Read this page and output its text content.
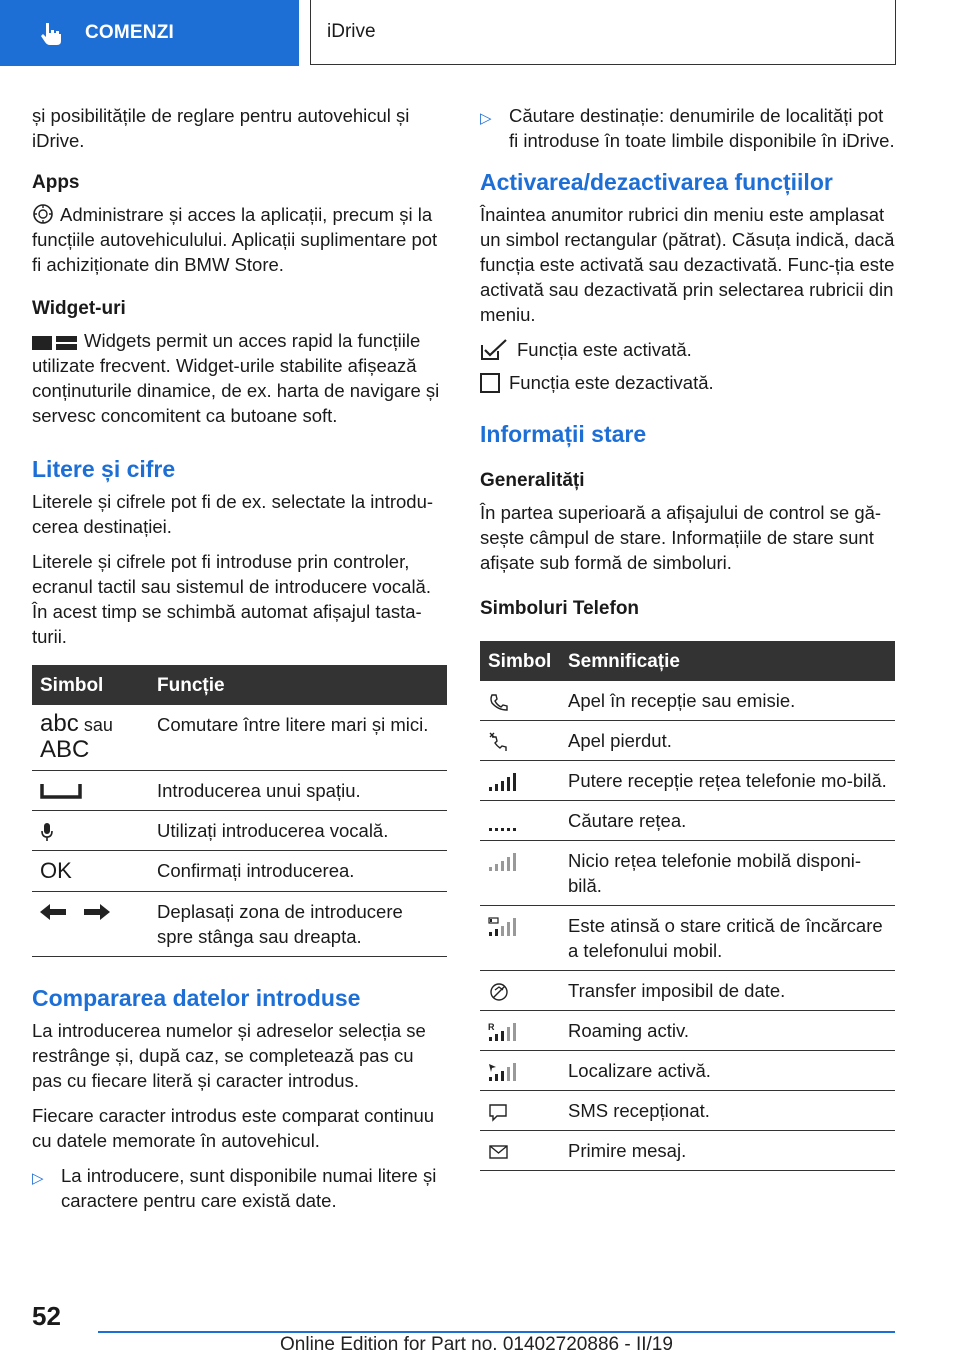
COMENZI	iDrive

și posibilitățile de reglare pentru autovehicul și iDrive.

Apps

Administrare și acces la aplicații, precum și la funcțiile autovehiculului. Aplicații suplimentare pot fi achiziționate din BMW Store.

Widget-uri

Widgets permit un acces rapid la funcțiile utilizate frecvent. Widget-urile stabilite afișează conținuturile dinamice, de ex. harta de navigare și servesc concomitent ca butoane soft.

Litere și cifre

Literele și cifrele pot fi de ex. selectate la introdu-cerea destinației.

Literele și cifrele pot fi introduse prin controler, ecranul tactil sau sistemul de introducere vocală. În acest timp se schimbă automat afișajul tasta-turii.

Simbol	Funcție

abc sau
ABC	Comutare între litere mari și mici.

	Introducerea unui spațiu.

	Utilizați introducerea vocală.
OK	Confirmați introducerea.

	Deplasați zona de introducere spre stânga sau dreapta.
Compararea datelor introduse

La introducerea numelor și adreselor selecția se restrânge și, după caz, se completează pas cu pas cu fiecare literă și caracter introdus.

Fiecare caracter introdus este comparat continuu cu datele memorate în autovehicul.

▷ La introducere, sunt disponibile numai litere și caractere pentru care există date.
▷ Căutare destinație: denumirile de localități pot fi introduse în toate limbile disponibile în iDrive.
Activarea/dezactivarea funcțiilor

Înaintea anumitor rubrici din meniu este amplasat un simbol rectangular (pătrat). Căsuța indică, dacă funcția este activată sau dezactivată. Func-ția este activată sau dezactivată prin selectarea rubricii din meniu.

Funcția este activată.
Funcția este dezactivată.
Informații stare
Generalități

În partea superioară a afișajului de control se gă-sește câmpul de stare. Informațiile de stare sunt afișate sub formă de simboluri.

Simboluri Telefon
Simbol	Semnificație

	Apel în recepție sau emisie.

	Apel pierdut.

	Putere recepție rețea telefonie mo-bilă.

	Căutare rețea.

	Nicio rețea telefonie mobilă disponi-bilă.

	Este atinsă o stare critică de încărcare a telefonului mobil.

	Transfer imposibil de date.

R	Roaming activ.

	Localizare activă.

	SMS recepționat.

	Primire mesaj.
52
Online Edition for Part no. 01402720886 - II/19
